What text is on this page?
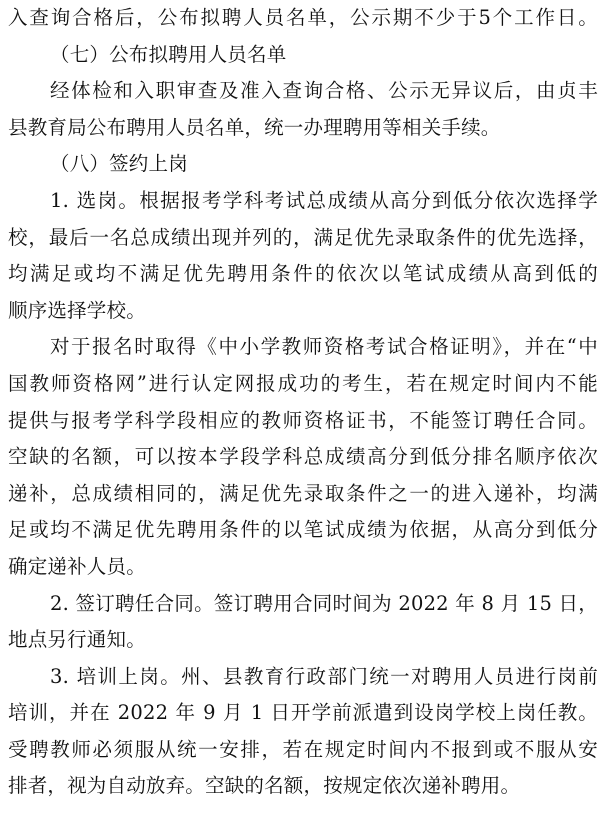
入查询合格后，公布拟聘人员名单，公示期不少于5个工作日。
（七）公布拟聘用人员名单
经体检和入职审查及准入查询合格、公示无异议后，由贞丰
县教育局公布聘用人员名单，统一办理聘用等相关手续。
（八）签约上岗
1. 选岗。根据报考学科考试总成绩从高分到低分依次选择学
校，最后一名总成绩出现并列的，满足优先录取条件的优先选择，
均满足或均不满足优先聘用条件的依次以笔试成绩从高到低的
顺序选择学校。
对于报名时取得《中小学教师资格考试合格证明》，并在“中
国教师资格网”进行认定网报成功的考生，若在规定时间内不能
提供与报考学科学段相应的教师资格证书，不能签订聘任合同。
空缺的名额，可以按本学段学科总成绩高分到低分排名顺序依次
递补，总成绩相同的，满足优先录取条件之一的进入递补，均满
足或均不满足优先聘用条件的以笔试成绩为依据，从高分到低分
确定递补人员。
2. 签订聘任合同。签订聘用合同时间为 2022 年 8 月 15 日，
地点另行通知。
3. 培训上岗。州、县教育行政部门统一对聘用人员进行岗前
培训，并在 2022 年 9 月 1 日开学前派遣到设岗学校上岗任教。
受聘教师必须服从统一安排，若在规定时间内不报到或不服从安
排者，视为自动放弃。空缺的名额，按规定依次递补聘用。
